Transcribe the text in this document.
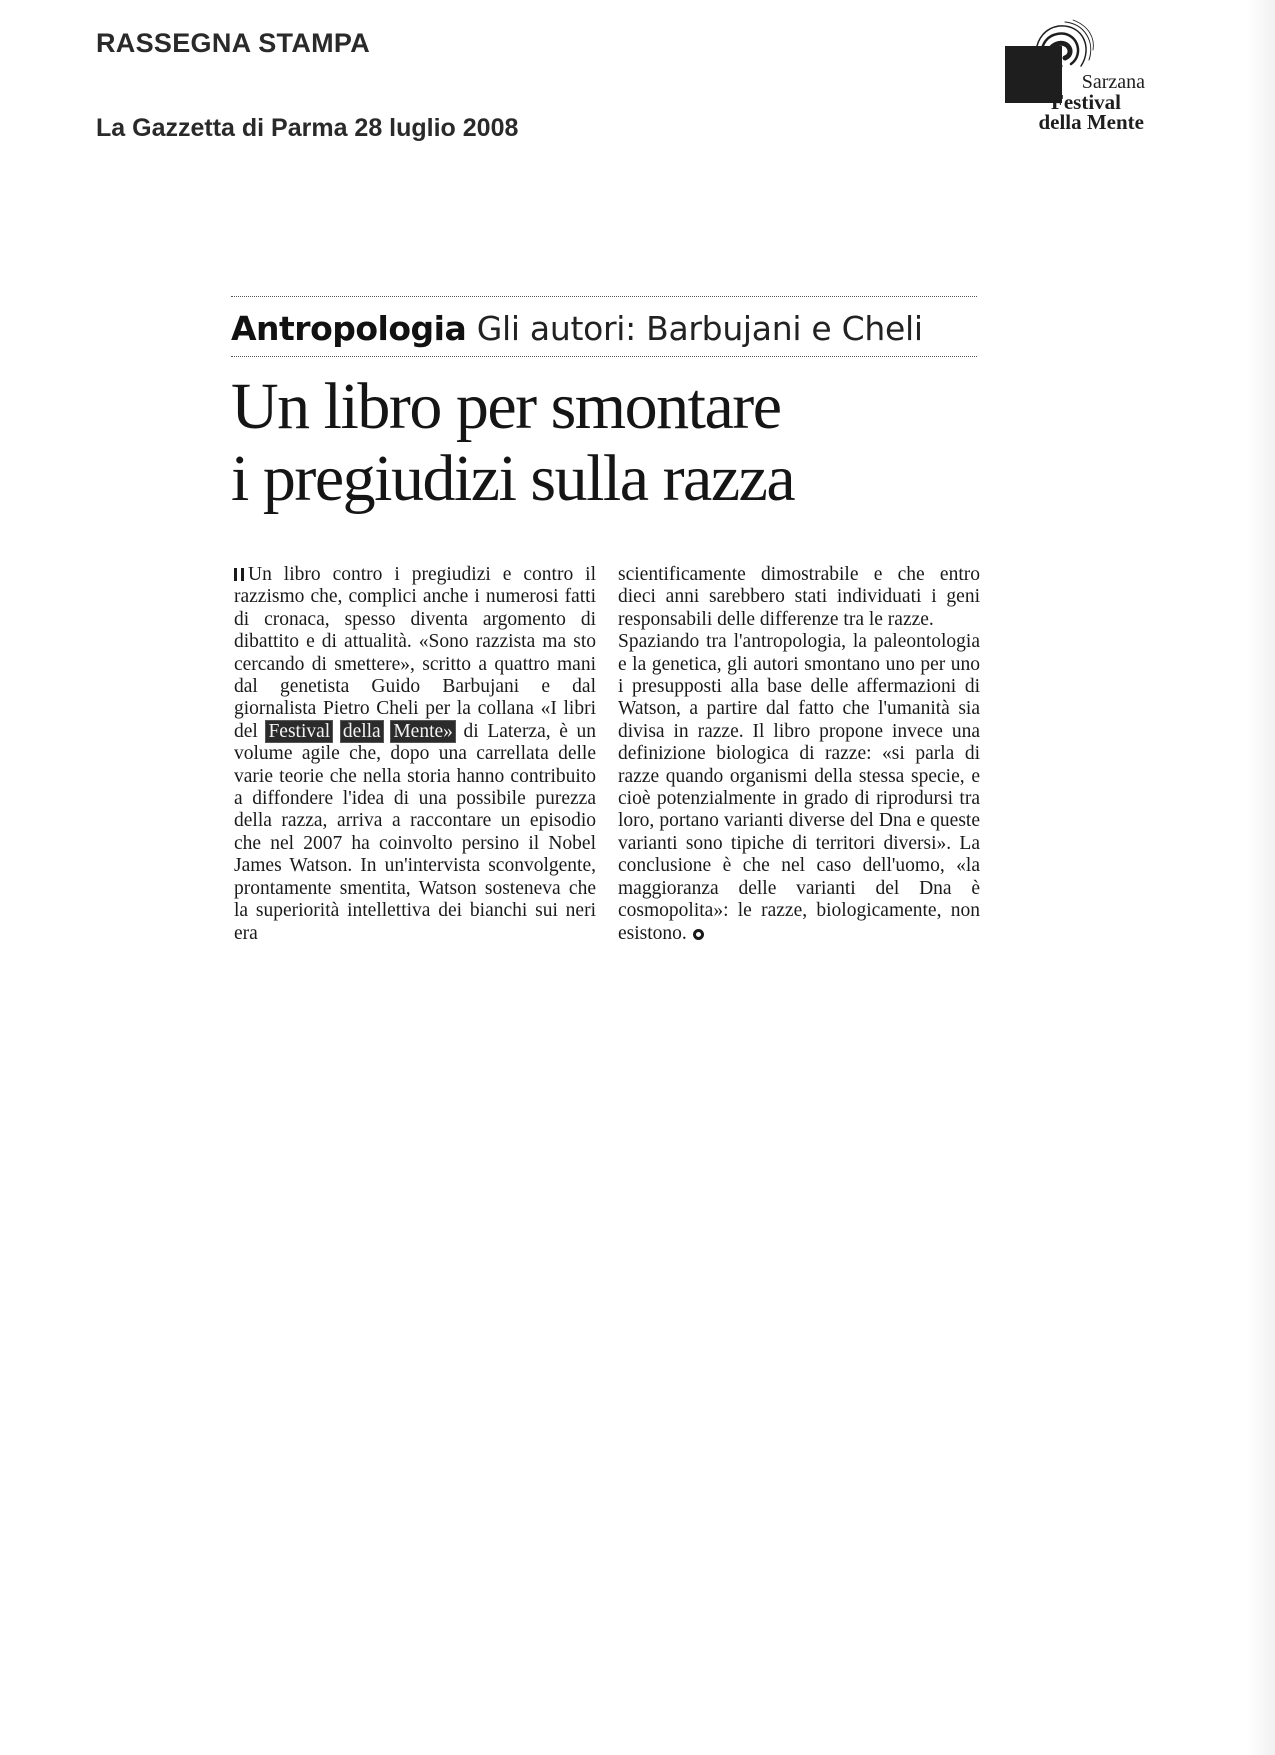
RASSEGNA STAMPA
La Gazzetta di Parma 28 luglio 2008
Sarzana
Festival
della Mente
Antropologia Gli autori: Barbujani e Cheli
Un libro per smontare
i pregiudizi sulla razza

Un libro contro i pregiudizi e contro il razzismo che, complici anche i numerosi fatti di cronaca, spesso diventa argomento di dibattito e di attualità. «Sono razzista ma sto cercando di smettere», scritto a quattro mani dal genetista Guido Barbujani e dal giornalista Pietro Cheli per la collana «I libri del Festival della Mente» di Laterza, è un volume agile che, dopo una carrellata delle varie teorie che nella storia hanno contribuito a diffondere l'idea di una possibile purezza della razza, arriva a raccontare un episodio che nel 2007 ha coinvolto persino il Nobel James Watson. In un'intervista sconvolgente, prontamente smentita, Watson sosteneva che la superiorità intellettiva dei bianchi sui neri era

scientificamente dimostrabile e che entro dieci anni sarebbero stati individuati i geni responsabili delle differenze tra le razze.

Spaziando tra l'antropologia, la paleontologia e la genetica, gli autori smontano uno per uno i presupposti alla base delle affermazioni di Watson, a partire dal fatto che l'umanità sia divisa in razze. Il libro propone invece una definizione biologica di razze: «si parla di razze quando organismi della stessa specie, e cioè potenzialmente in grado di riprodursi tra loro, portano varianti diverse del Dna e queste varianti sono tipiche di territori diversi». La conclusione è che nel caso dell'uomo, «la maggioranza delle varianti del Dna è cosmopolita»: le razze, biologicamente, non esistono.
